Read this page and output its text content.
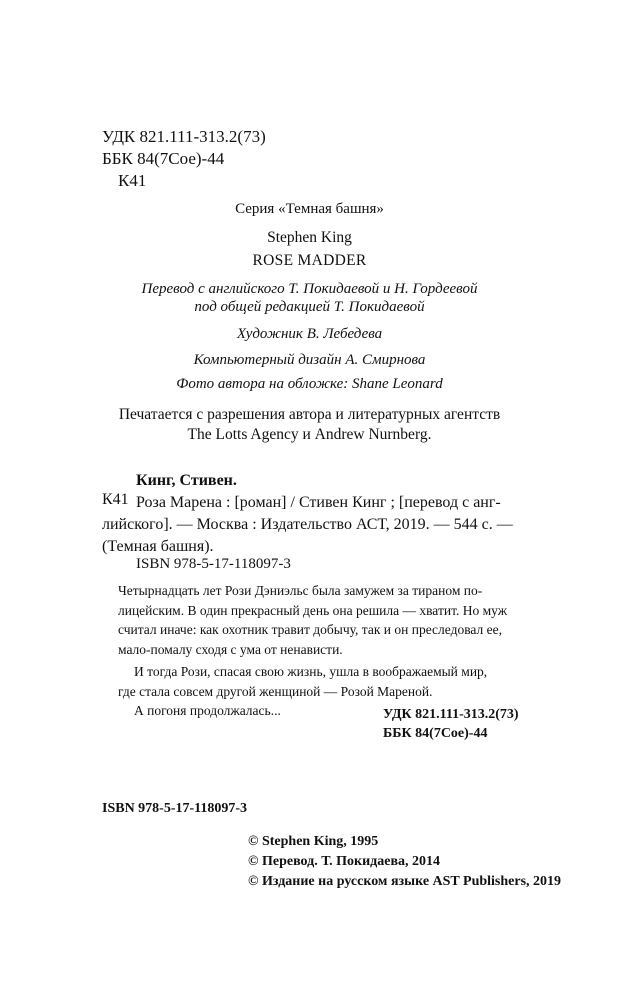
УДК 821.111-313.2(73)
ББК 84(7Сое)-44
К41
Серия «Темная башня»
Stephen King
ROSE MADDER
Перевод с английского Т. Покидаевой и Н. Гордеевой
под общей редакцией Т. Покидаевой
Художник В. Лебедева
Компьютерный дизайн А. Смирнова
Фото автора на обложке: Shane Leonard
Печатается с разрешения автора и литературных агентств
The Lotts Agency и Andrew Nurnberg.
Кинг, Стивен.
К41 Роза Марена : [роман] / Стивен Кинг ; [перевод с анг-
лийского]. — Москва : Издательство АСТ, 2019. — 544 с. —
(Темная башня).
ISBN 978-5-17-118097-3
Четырнадцать лет Рози Дэниэльс была замужем за тираном по-
лицейским. В один прекрасный день она решила — хватит. Но муж
считал иначе: как охотник травит добычу, так и он преследовал ее,
мало-помалу сходя с ума от ненависти.
И тогда Рози, спасая свою жизнь, ушла в воображаемый мир,
где стала совсем другой женщиной — Розой Мареной.
А погоня продолжалась...	УДК 821.111-313.2(73)
ББК 84(7Сое)-44
ISBN 978-5-17-118097-3
© Stephen King, 1995
© Перевод. Т. Покидаева, 2014
© Издание на русском языке AST Publishers, 2019
